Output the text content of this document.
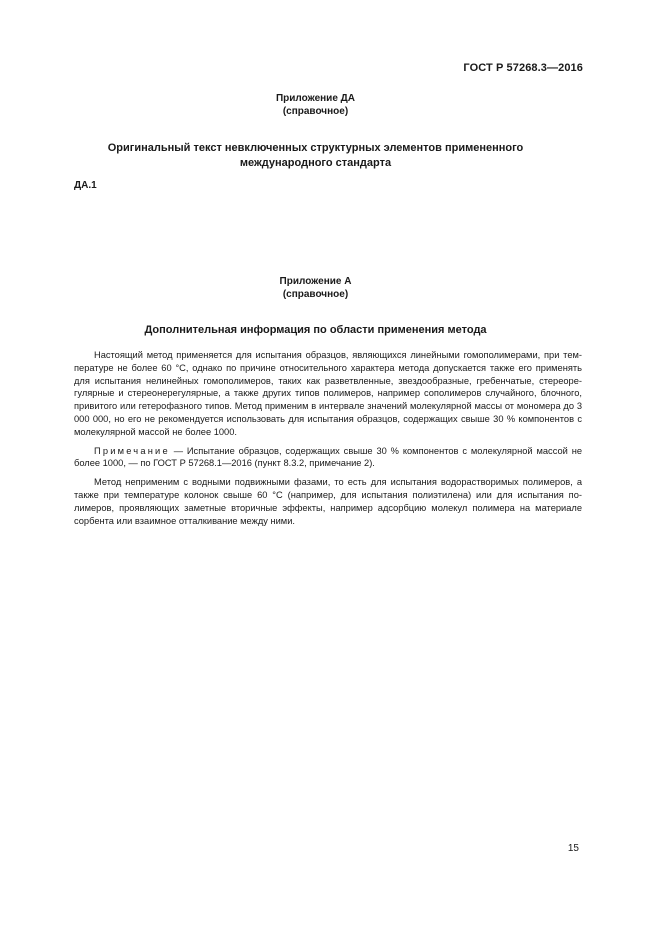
ГОСТ Р 57268.3—2016
Приложение ДА
(справочное)
Оригинальный текст невключенных структурных элементов примененного
международного стандарта
ДА.1
Приложение А
(справочное)
Дополнительная информация по области применения метода

Настоящий метод применяется для испытания образцов, являющихся линейными гомополимерами, при тем-пературе не более 60 °С, однако по причине относительного характера метода допускается также его применять для испытания нелинейных гомополимеров, таких как разветвленные, звездообразные, гребенчатые, стереоре-гулярные и стереонерегулярные, а также других типов полимеров, например сополимеров случайного, блочного, привитого или гетерофазного типов. Метод применим в интервале значений молекулярной массы от мономера до 3 000 000, но его не рекомендуется использовать для испытания образцов, содержащих свыше 30 % компонентов с молекулярной массой не более 1000.

Примечание — Испытание образцов, содержащих свыше 30 % компонентов с молекулярной массой не более 1000, — по ГОСТ Р 57268.1—2016 (пункт 8.3.2, примечание 2).

Метод неприменим с водными подвижными фазами, то есть для испытания водорастворимых полимеров, а также при температуре колонок свыше 60 °С (например, для испытания полиэтилена) или для испытания по-лимеров, проявляющих заметные вторичные эффекты, например адсорбцию молекул полимера на материале сорбента или взаимное отталкивание между ними.

15
